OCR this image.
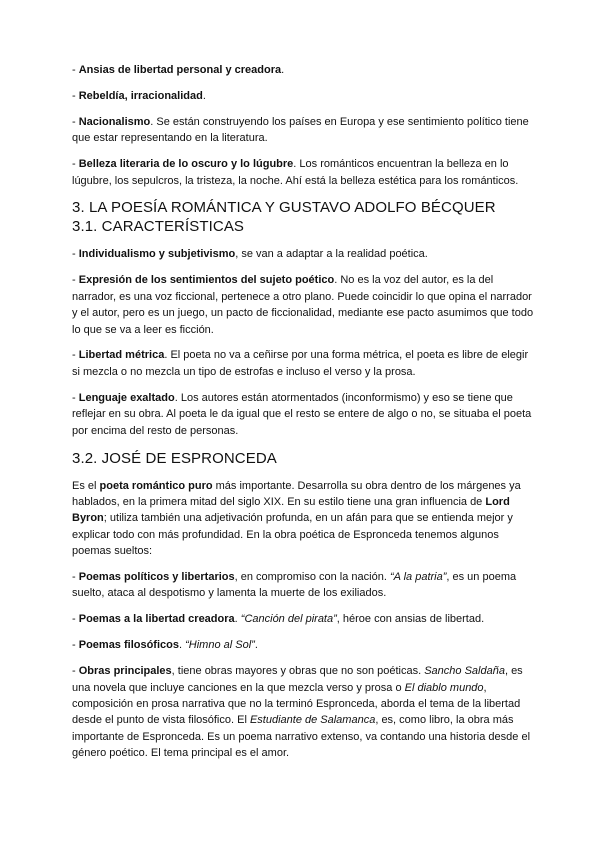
- Ansias de libertad personal y creadora.

- Rebeldía, irracionalidad.

- Nacionalismo. Se están construyendo los países en Europa y ese sentimiento político tiene que estar representando en la literatura.

- Belleza literaria de lo oscuro y lo lúgubre. Los románticos encuentran la belleza en lo lúgubre, los sepulcros, la tristeza, la noche. Ahí está la belleza estética para los románticos.

3. LA POESÍA ROMÁNTICA Y GUSTAVO ADOLFO BÉCQUER
3.1. CARACTERÍSTICAS

- Individualismo y subjetivismo, se van a adaptar a la realidad poética.

- Expresión de los sentimientos del sujeto poético. No es la voz del autor, es la del narrador, es una voz ficcional, pertenece a otro plano. Puede coincidir lo que opina el narrador y el autor, pero es un juego, un pacto de ficcionalidad, mediante ese pacto asumimos que todo lo que se va a leer es ficción.

- Libertad métrica. El poeta no va a ceñirse por una forma métrica, el poeta es libre de elegir si mezcla o no mezcla un tipo de estrofas e incluso el verso y la prosa.

- Lenguaje exaltado. Los autores están atormentados (inconformismo) y eso se tiene que reflejar en su obra. Al poeta le da igual que el resto se entere de algo o no, se situaba el poeta por encima del resto de personas.

3.2. JOSÉ DE ESPRONCEDA

Es el poeta romántico puro más importante. Desarrolla su obra dentro de los márgenes ya hablados, en la primera mitad del siglo XIX. En su estilo tiene una gran influencia de Lord Byron; utiliza también una adjetivación profunda, en un afán para que se entienda mejor y explicar todo con más profundidad. En la obra poética de Espronceda tenemos algunos poemas sueltos:

- Poemas políticos y libertarios, en compromiso con la nación. “A la patria”, es un poema suelto, ataca al despotismo y lamenta la muerte de los exiliados.

- Poemas a la libertad creadora. “Canción del pirata”, héroe con ansias de libertad.

- Poemas filosóficos. “Himno al Sol”.

- Obras principales, tiene obras mayores y obras que no son poéticas. Sancho Saldaña, es una novela que incluye canciones en la que mezcla verso y prosa o El diablo mundo, composición en prosa narrativa que no la terminó Espronceda, aborda el tema de la libertad desde el punto de vista filosófico. El Estudiante de Salamanca, es, como libro, la obra más importante de Espronceda. Es un poema narrativo extenso, va contando una historia desde el género poético. El tema principal es el amor.
